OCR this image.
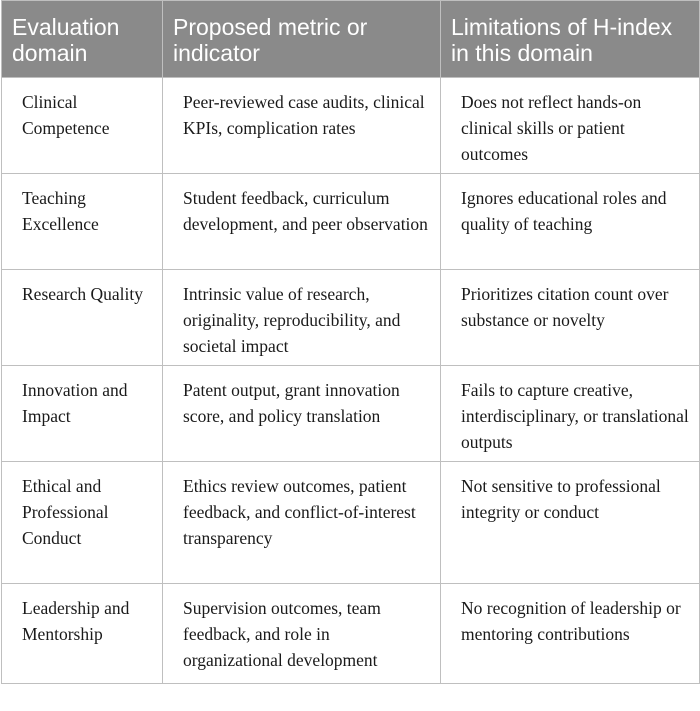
Evaluation domain	Proposed metric or indicator	Limitations of H-index in this domain
Clinical Competence	Peer-reviewed case audits, clinical KPIs, complication rates	Does not reflect hands-on clinical skills or patient outcomes
Teaching Excellence	Student feedback, curriculum development, and peer observation	Ignores educational roles and quality of teaching
Research Quality	Intrinsic value of research, originality, reproducibility, and societal impact	Prioritizes citation count over substance or novelty
Innovation and Impact	Patent output, grant innovation score, and policy translation	Fails to capture creative, interdisciplinary, or translational outputs
Ethical and Professional Conduct	Ethics review outcomes, patient feedback, and conflict-of-interest transparency	Not sensitive to professional integrity or conduct
Leadership and Mentorship	Supervision outcomes, team feedback, and role in organizational development	No recognition of leadership or mentoring contributions
